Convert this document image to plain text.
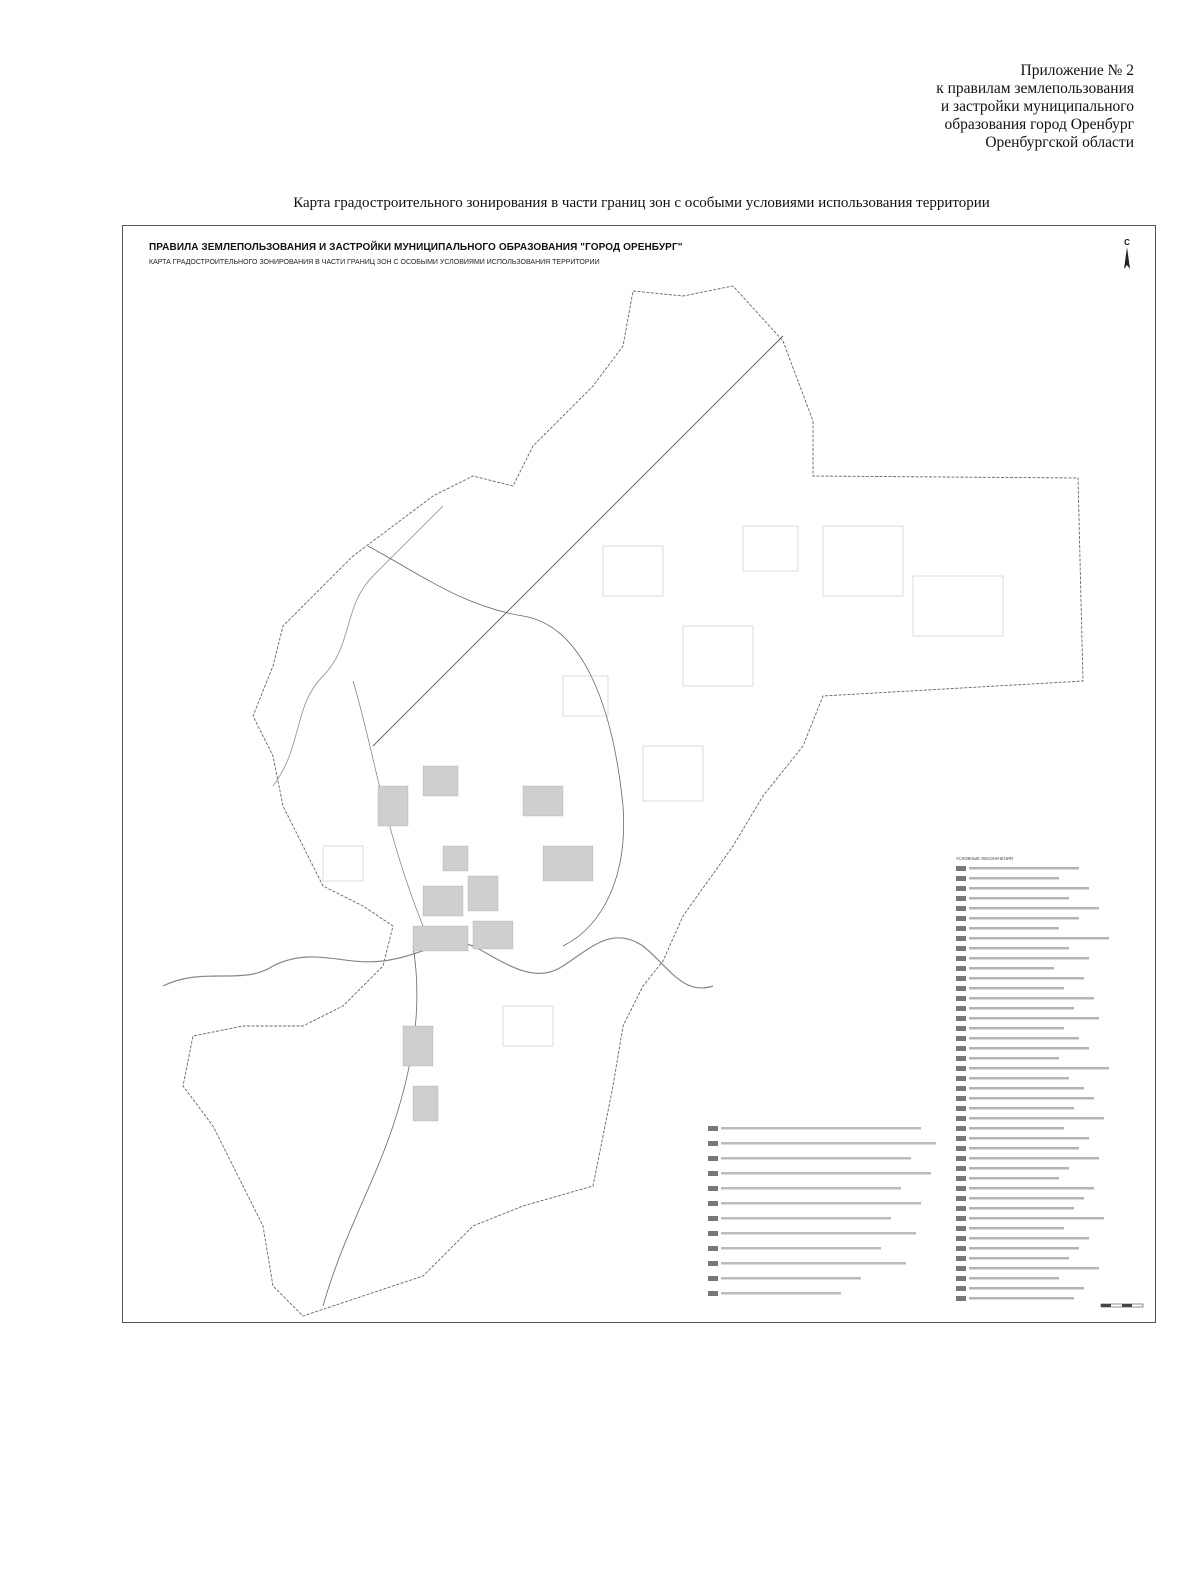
Приложение № 2
к правилам землепользования
и застройки муниципального
образования город Оренбург
Оренбургской области
Карта градостроительного зонирования в части границ зон с особыми условиями использования территории
ПРАВИЛА ЗЕМЛЕПОЛЬЗОВАНИЯ И ЗАСТРОЙКИ МУНИЦИПАЛЬНОГО ОБРАЗОВАНИЯ "ГОРОД ОРЕНБУРГ"
КАРТА ГРАДОСТРОИТЕЛЬНОГО ЗОНИРОВАНИЯ В ЧАСТИ ГРАНИЦ ЗОН С ОСОБЫМИ УСЛОВИЯМИ ИСПОЛЬЗОВАНИЯ ТЕРРИТОРИИ
С
УСЛОВНЫЕ ОБОЗНАЧЕНИЯ
